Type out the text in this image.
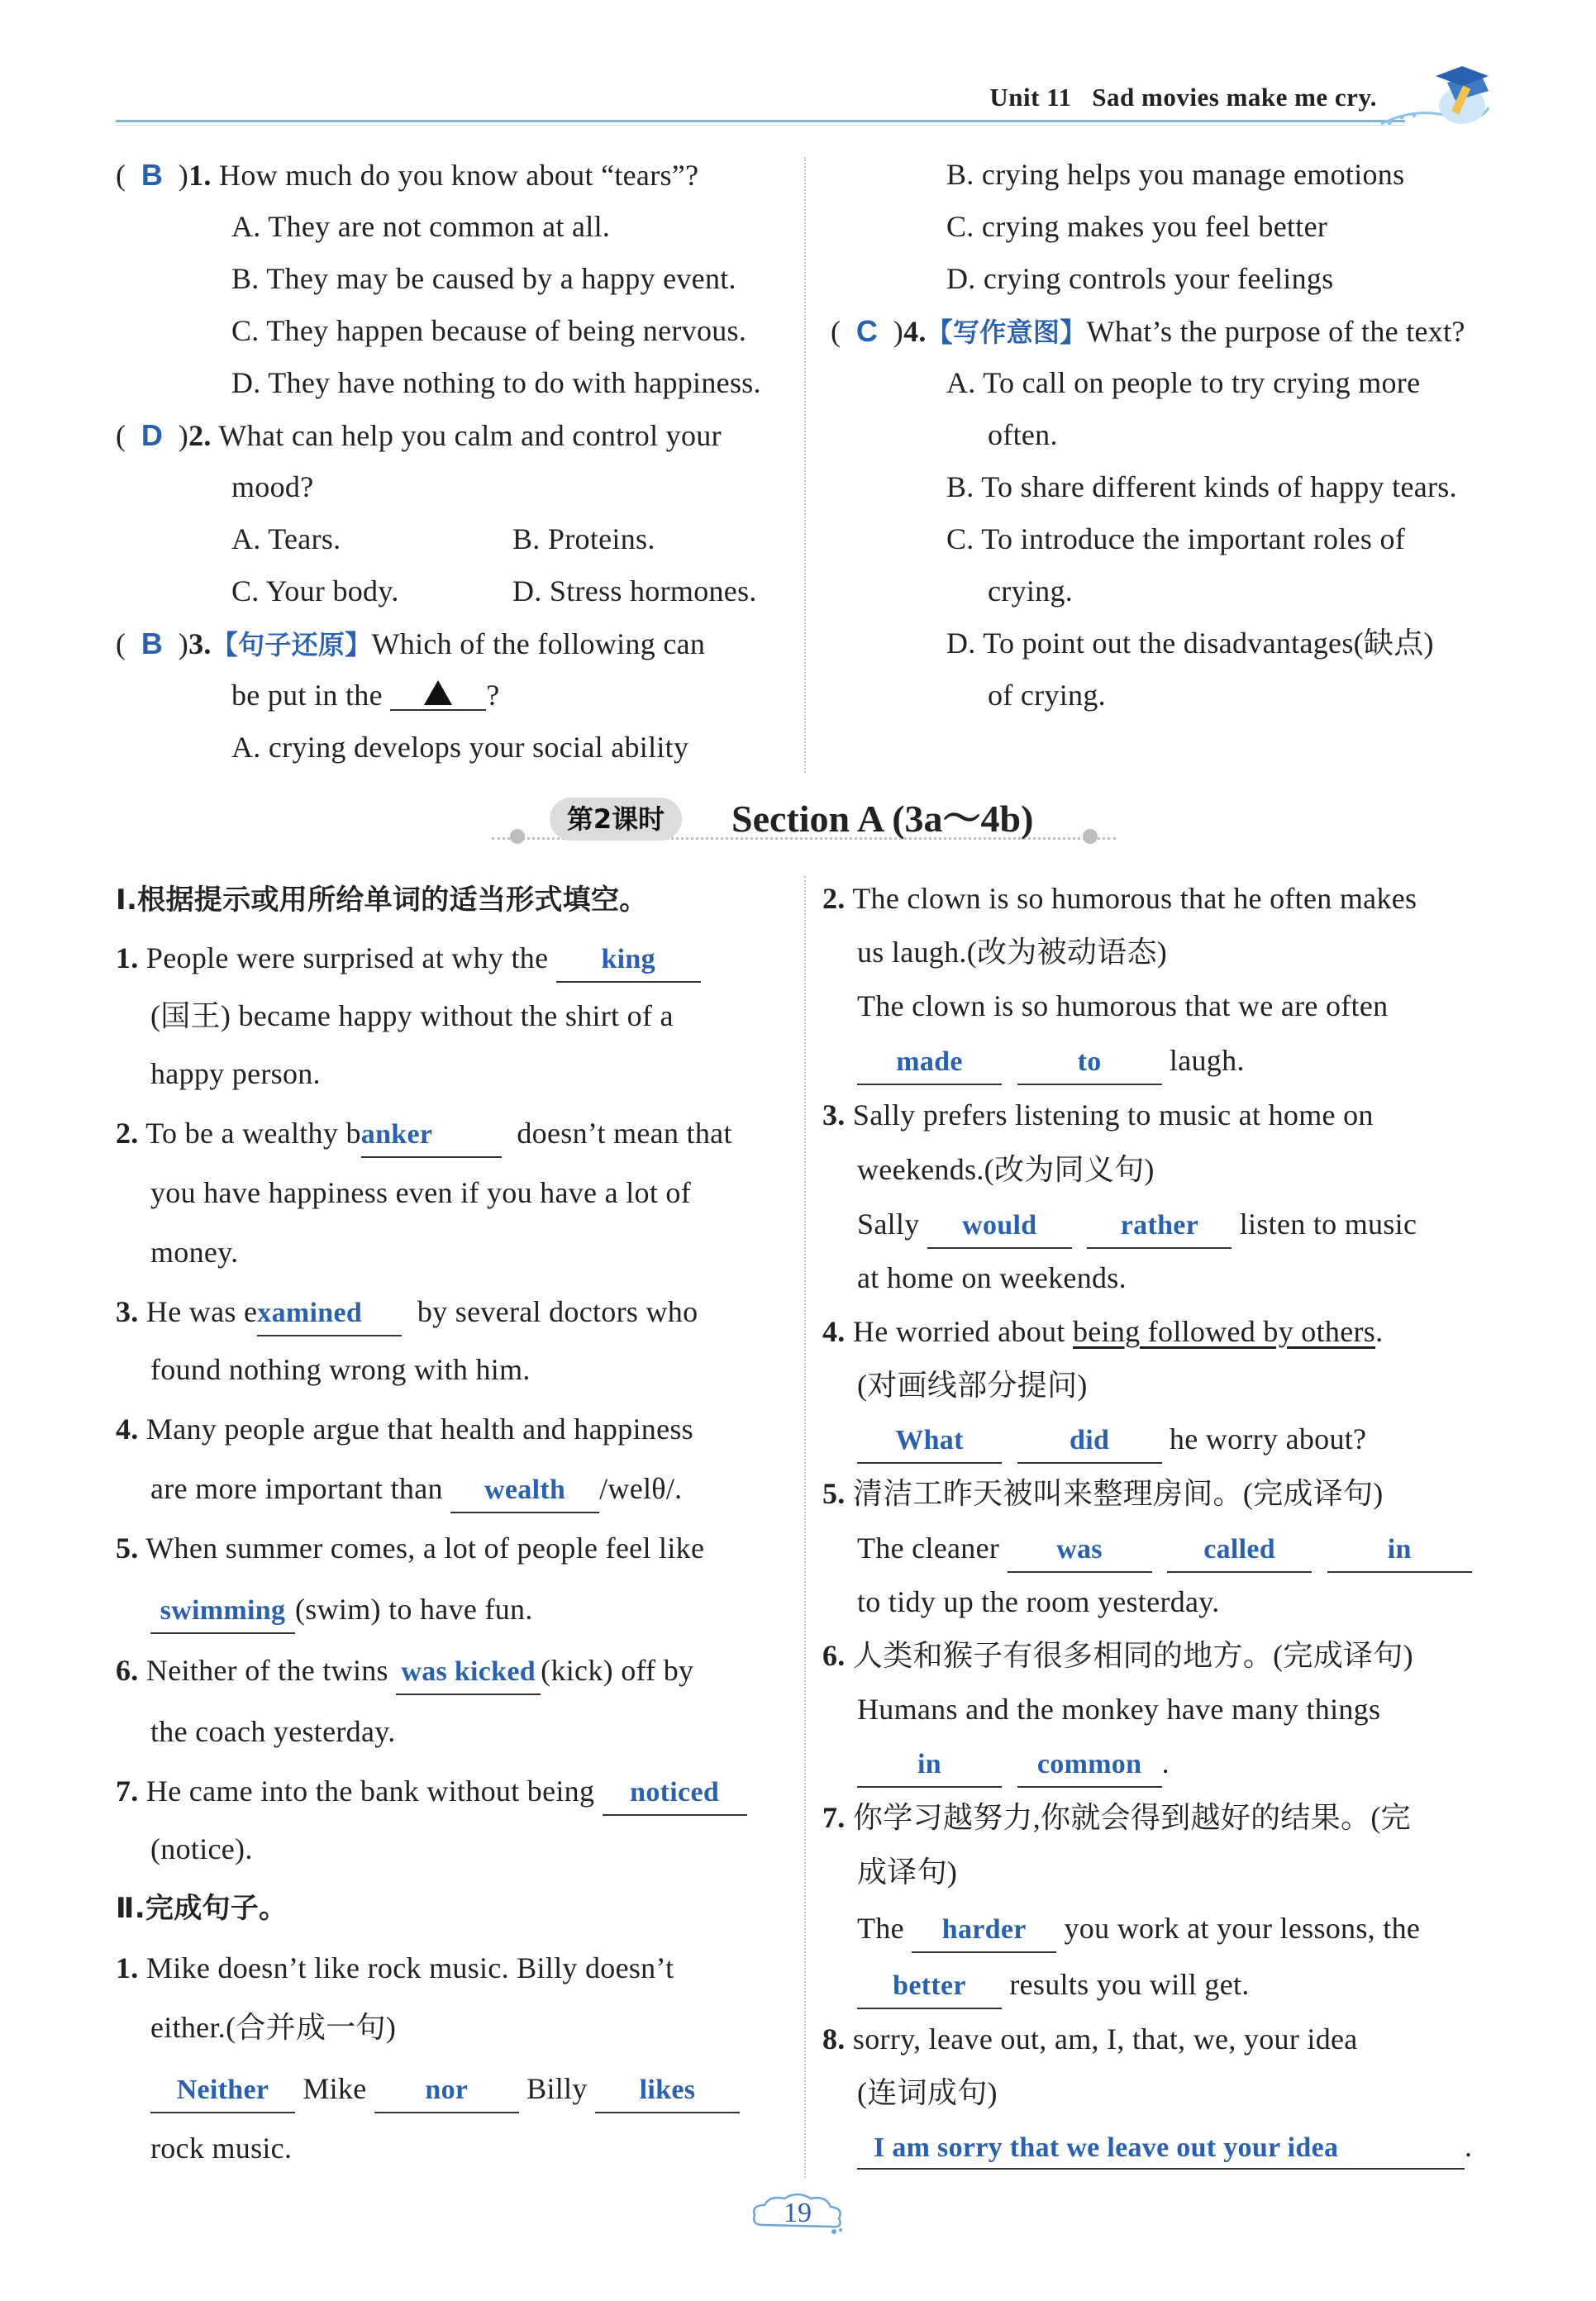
Unit 11 Sad movies make me cry.
(  B  )1. How much do you know about “tears”?
A. They are not common at all.
B. They may be caused by a happy event.
C. They happen because of being nervous.
D. They have nothing to do with happiness.
(  D  )2. What can help you calm and control your
mood?
A. Tears.	B. Proteins.
C. Your body.	D. Stress hormones.
(  B  )3.【句子还原】Which of the following can
be put in the	?
A. crying develops your social ability
B. crying helps you manage emotions
C. crying makes you feel better
D. crying controls your feelings
(  C  )4.【写作意图】What’s the purpose of the text?
A. To call on people to try crying more
often.
B. To share different kinds of happy tears.
C. To introduce the important roles of
crying.
D. To point out the disadvantages(缺点)
of crying.
第2课时	Section A (3a～4b)
Ⅰ.根据提示或用所给单词的适当形式填空。
1. People were surprised at why the king
(国王) became happy without the shirt of a
happy person.
2. To be a wealthy banker	doesn’t mean that
you have happiness even if you have a lot of
money.
3. He was examined by several doctors who
found nothing wrong with him.
4. Many people argue that health and happiness
are more important than wealth /welθ/.
5. When summer comes, a lot of people feel like
swimming (swim) to have fun.
6. Neither of the twins was kicked (kick) off by
the coach yesterday.
7. He came into the bank without being noticed
(notice).
Ⅱ.完成句子。
1. Mike doesn’t like rock music. Billy doesn’t
either.(合并成一句)
Neither Mike nor Billy likes
rock music.
2. The clown is so humorous that he often makes
us laugh.(改为被动语态)
The clown is so humorous that we are often
made	to laugh.
3. Sally prefers listening to music at home on
weekends.(改为同义句)
Sally would	rather listen to music
at home on weekends.
4. He worried about being followed by others.
(对画线部分提问)
What	did he worry about?
5. 清洁工昨天被叫来整理房间。(完成译句)
The cleaner was	called	in
to tidy up the room yesterday.
6. 人类和猴子有很多相同的地方。(完成译句)
Humans and the monkey have many things
in	common .
7. 你学习越努力,你就会得到越好的结果。(完
成译句)
The harder you work at your lessons, the
better results you will get.
8. sorry, leave out, am, I, that, we, your idea
(连词成句)
I am sorry that we leave out your idea	.
19
